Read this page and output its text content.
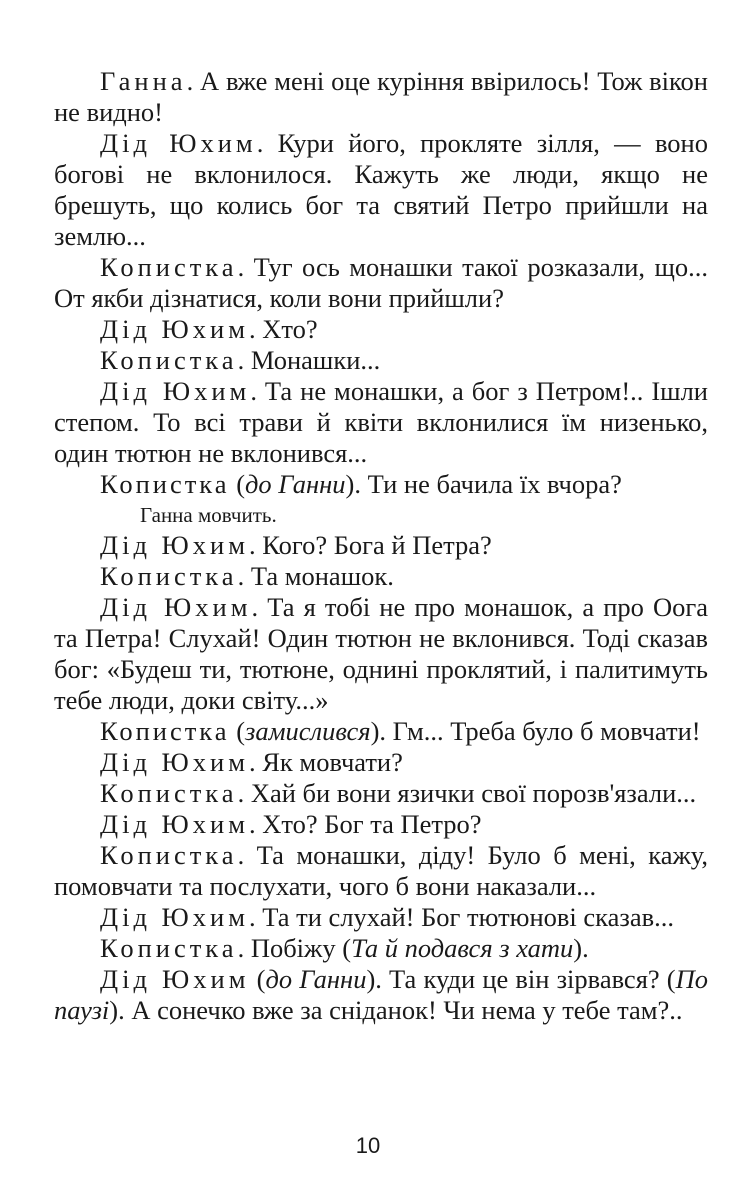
Ганна. А вже мені оце куріння ввірилось! Тож вікон не видно!

Дід Юхим. Кури його, прокляте зілля, — воно богові не вклонилося. Кажуть же люди, якщо не брешуть, що колись бог та святий Петро прийшли на землю...

Копистка. Туг ось монашки такої розказали, що... От якби дізнатися, коли вони прийшли?

Дід Юхим. Хто?

Копистка. Монашки...

Дід Юхим. Та не монашки, а бог з Петром!.. Ішли степом. То всі трави й квіти вклонилися їм низенько, один тютюн не вклонився...

Копистка (до Ганни). Ти не бачила їх вчора?

Ганна мовчить.

Дід Юхим. Кого? Бога й Петра?

Копистка. Та монашок.

Дід Юхим. Та я тобі не про монашок, а про Оога та Петра! Слухай! Один тютюн не вклонився. Тоді сказав бог: «Будеш ти, тютюне, однині проклятий, і палитимуть тебе люди, доки світу...»

Копистка (замислився). Гм... Треба було б мовчати!

Дід Юхим. Як мовчати?

Копистка. Хай би вони язички свої порозв'язали...

Дід Юхим. Хто? Бог та Петро?

Копистка. Та монашки, діду! Було б мені, кажу, помовчати та послухати, чого б вони наказали...

Дід Юхим. Та ти слухай! Бог тютюнові сказав...

Копистка. Побіжу (Та й подався з хати).

Дід Юхим (до Ганни). Та куди це він зірвався? (По паузі). А сонечко вже за сніданок! Чи нема у тебе там?..

10
